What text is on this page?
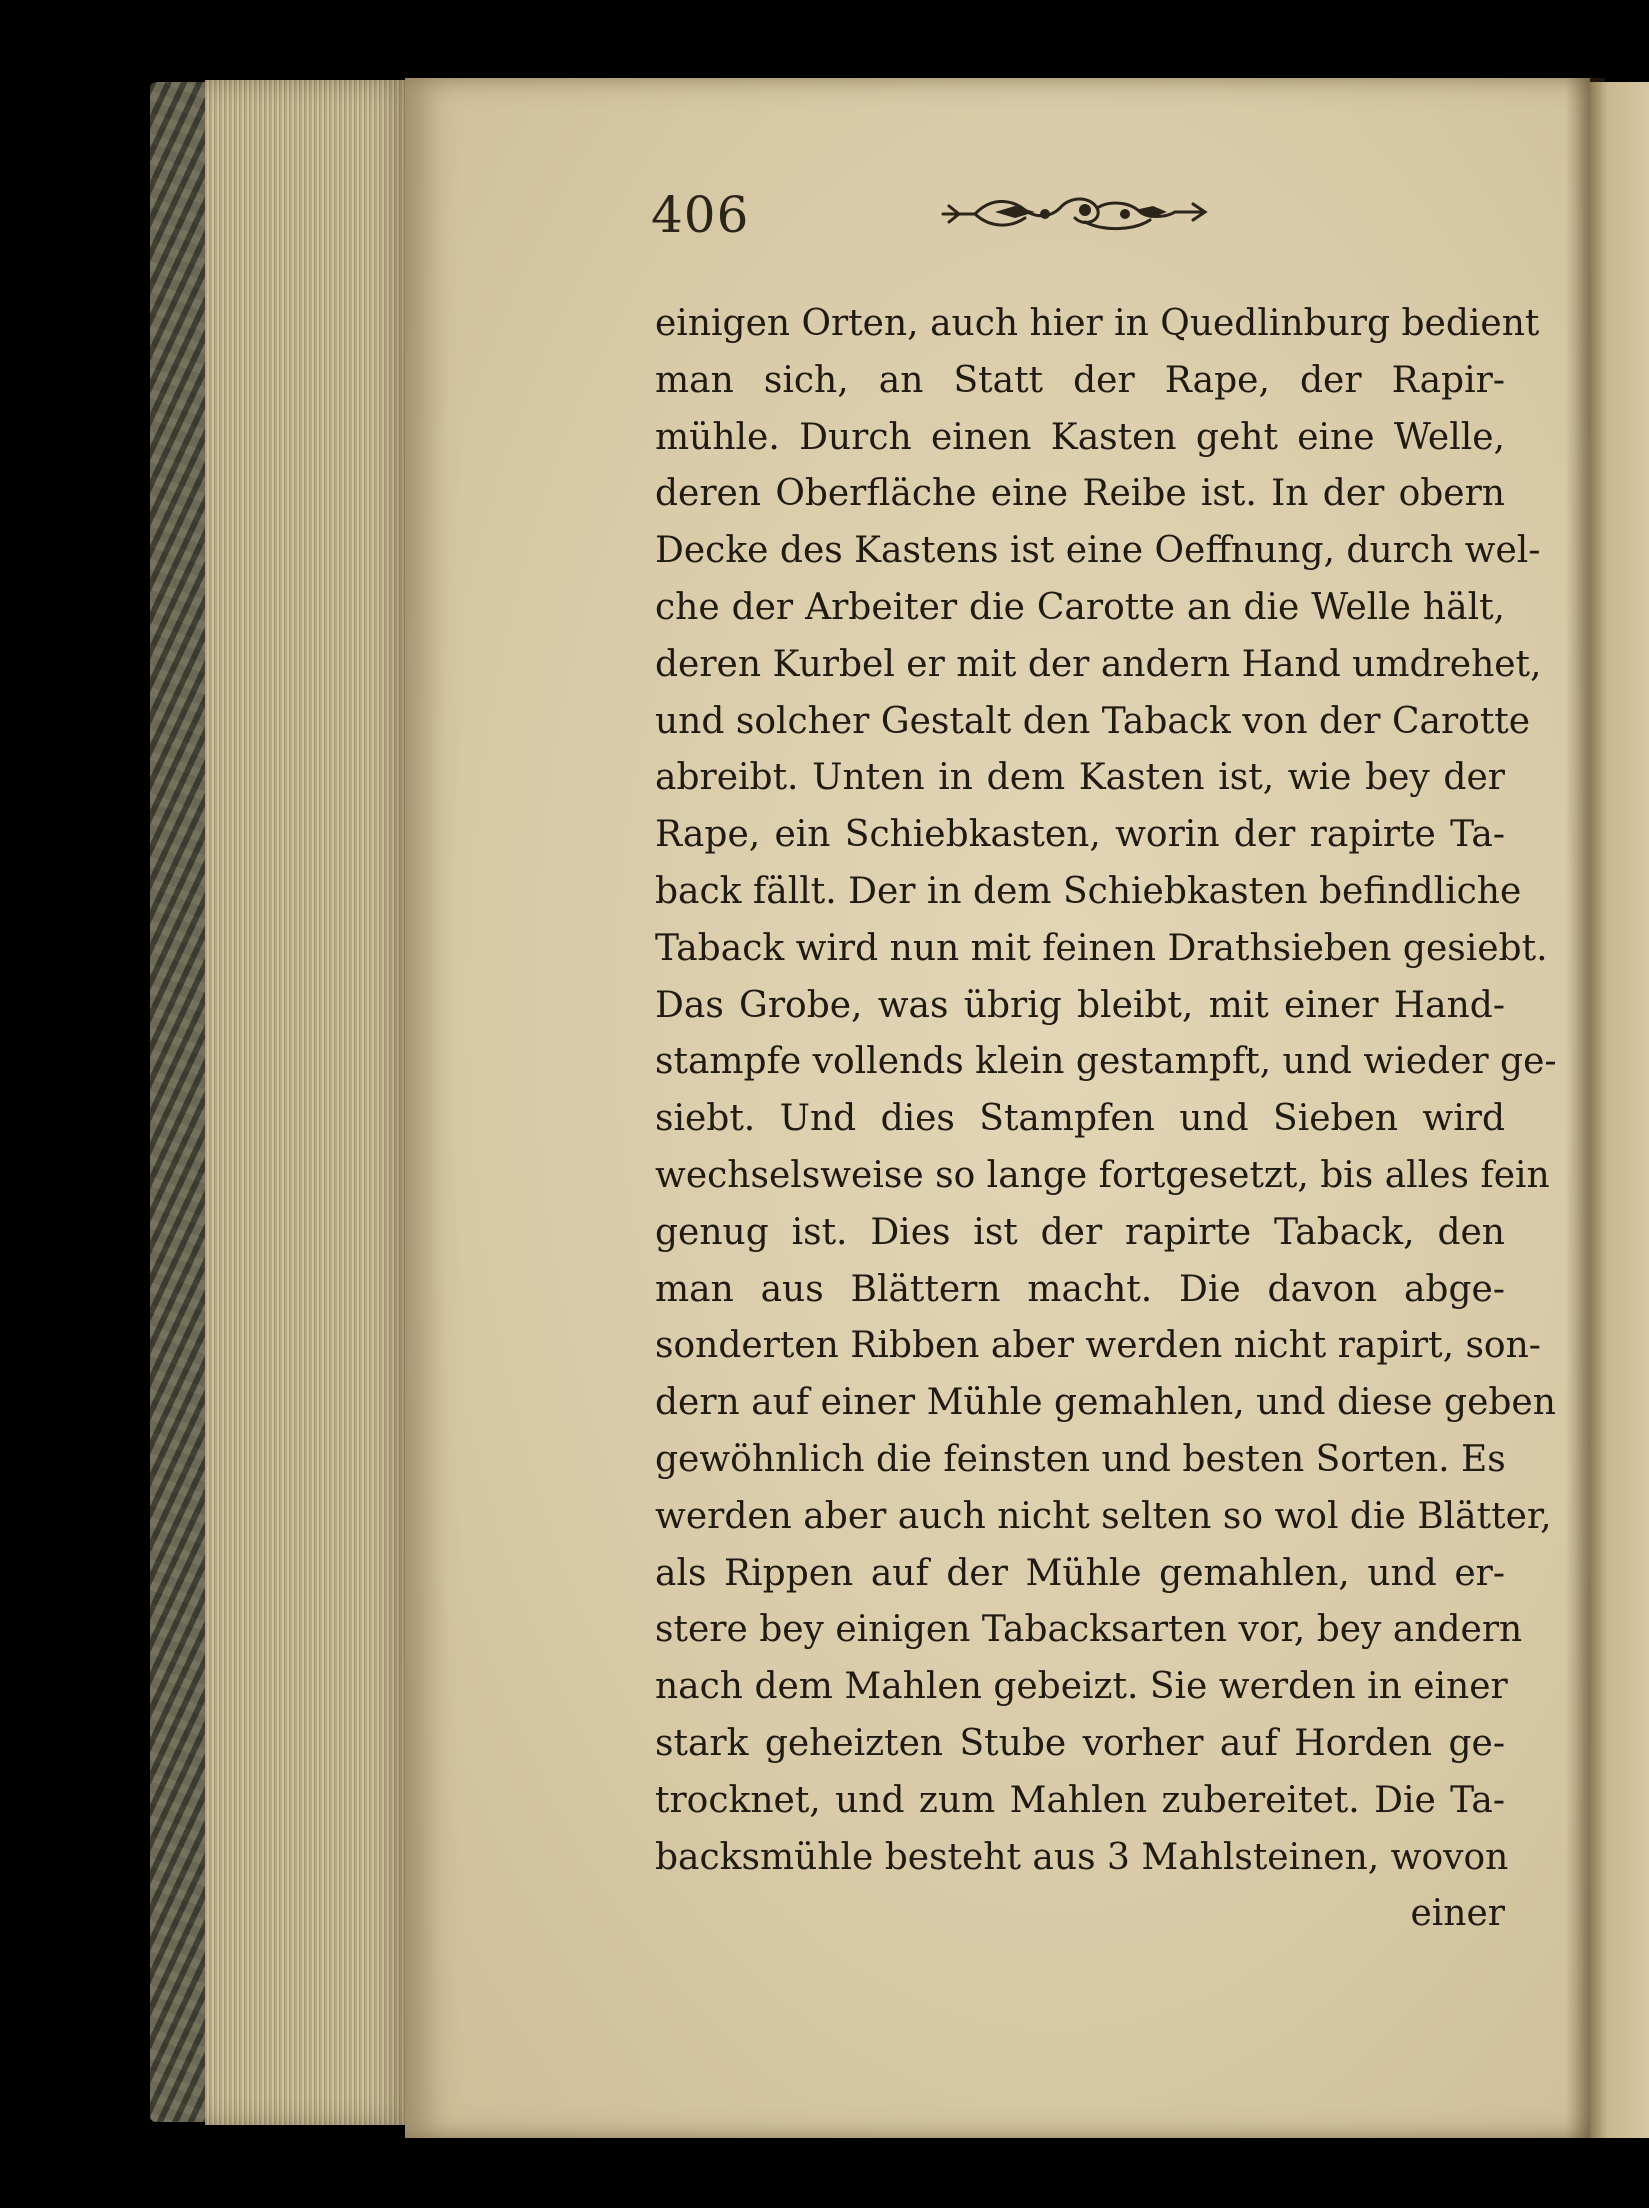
406
einigen Orten, auch hier in Quedlinburg bedient
man sich, an Statt der Rape, der Rapir-
mühle. Durch einen Kasten geht eine Welle,
deren Oberfläche eine Reibe ist. In der obern
Decke des Kastens ist eine Oeffnung, durch wel-
che der Arbeiter die Carotte an die Welle hält,
deren Kurbel er mit der andern Hand umdrehet,
und solcher Gestalt den Taback von der Carotte
abreibt. Unten in dem Kasten ist, wie bey der
Rape, ein Schiebkasten, worin der rapirte Ta-
back fällt. Der in dem Schiebkasten befindliche
Taback wird nun mit feinen Drathsieben gesiebt.
Das Grobe, was übrig bleibt, mit einer Hand-
stampfe vollends klein gestampft, und wieder ge-
siebt. Und dies Stampfen und Sieben wird
wechselsweise so lange fortgesetzt, bis alles fein
genug ist. Dies ist der rapirte Taback, den
man aus Blättern macht. Die davon abge-
sonderten Ribben aber werden nicht rapirt, son-
dern auf einer Mühle gemahlen, und diese geben
gewöhnlich die feinsten und besten Sorten. Es
werden aber auch nicht selten so wol die Blätter,
als Rippen auf der Mühle gemahlen, und er-
stere bey einigen Tabacksarten vor, bey andern
nach dem Mahlen gebeizt. Sie werden in einer
stark geheizten Stube vorher auf Horden ge-
trocknet, und zum Mahlen zubereitet. Die Ta-
backsmühle besteht aus 3 Mahlsteinen, wovon
einer
